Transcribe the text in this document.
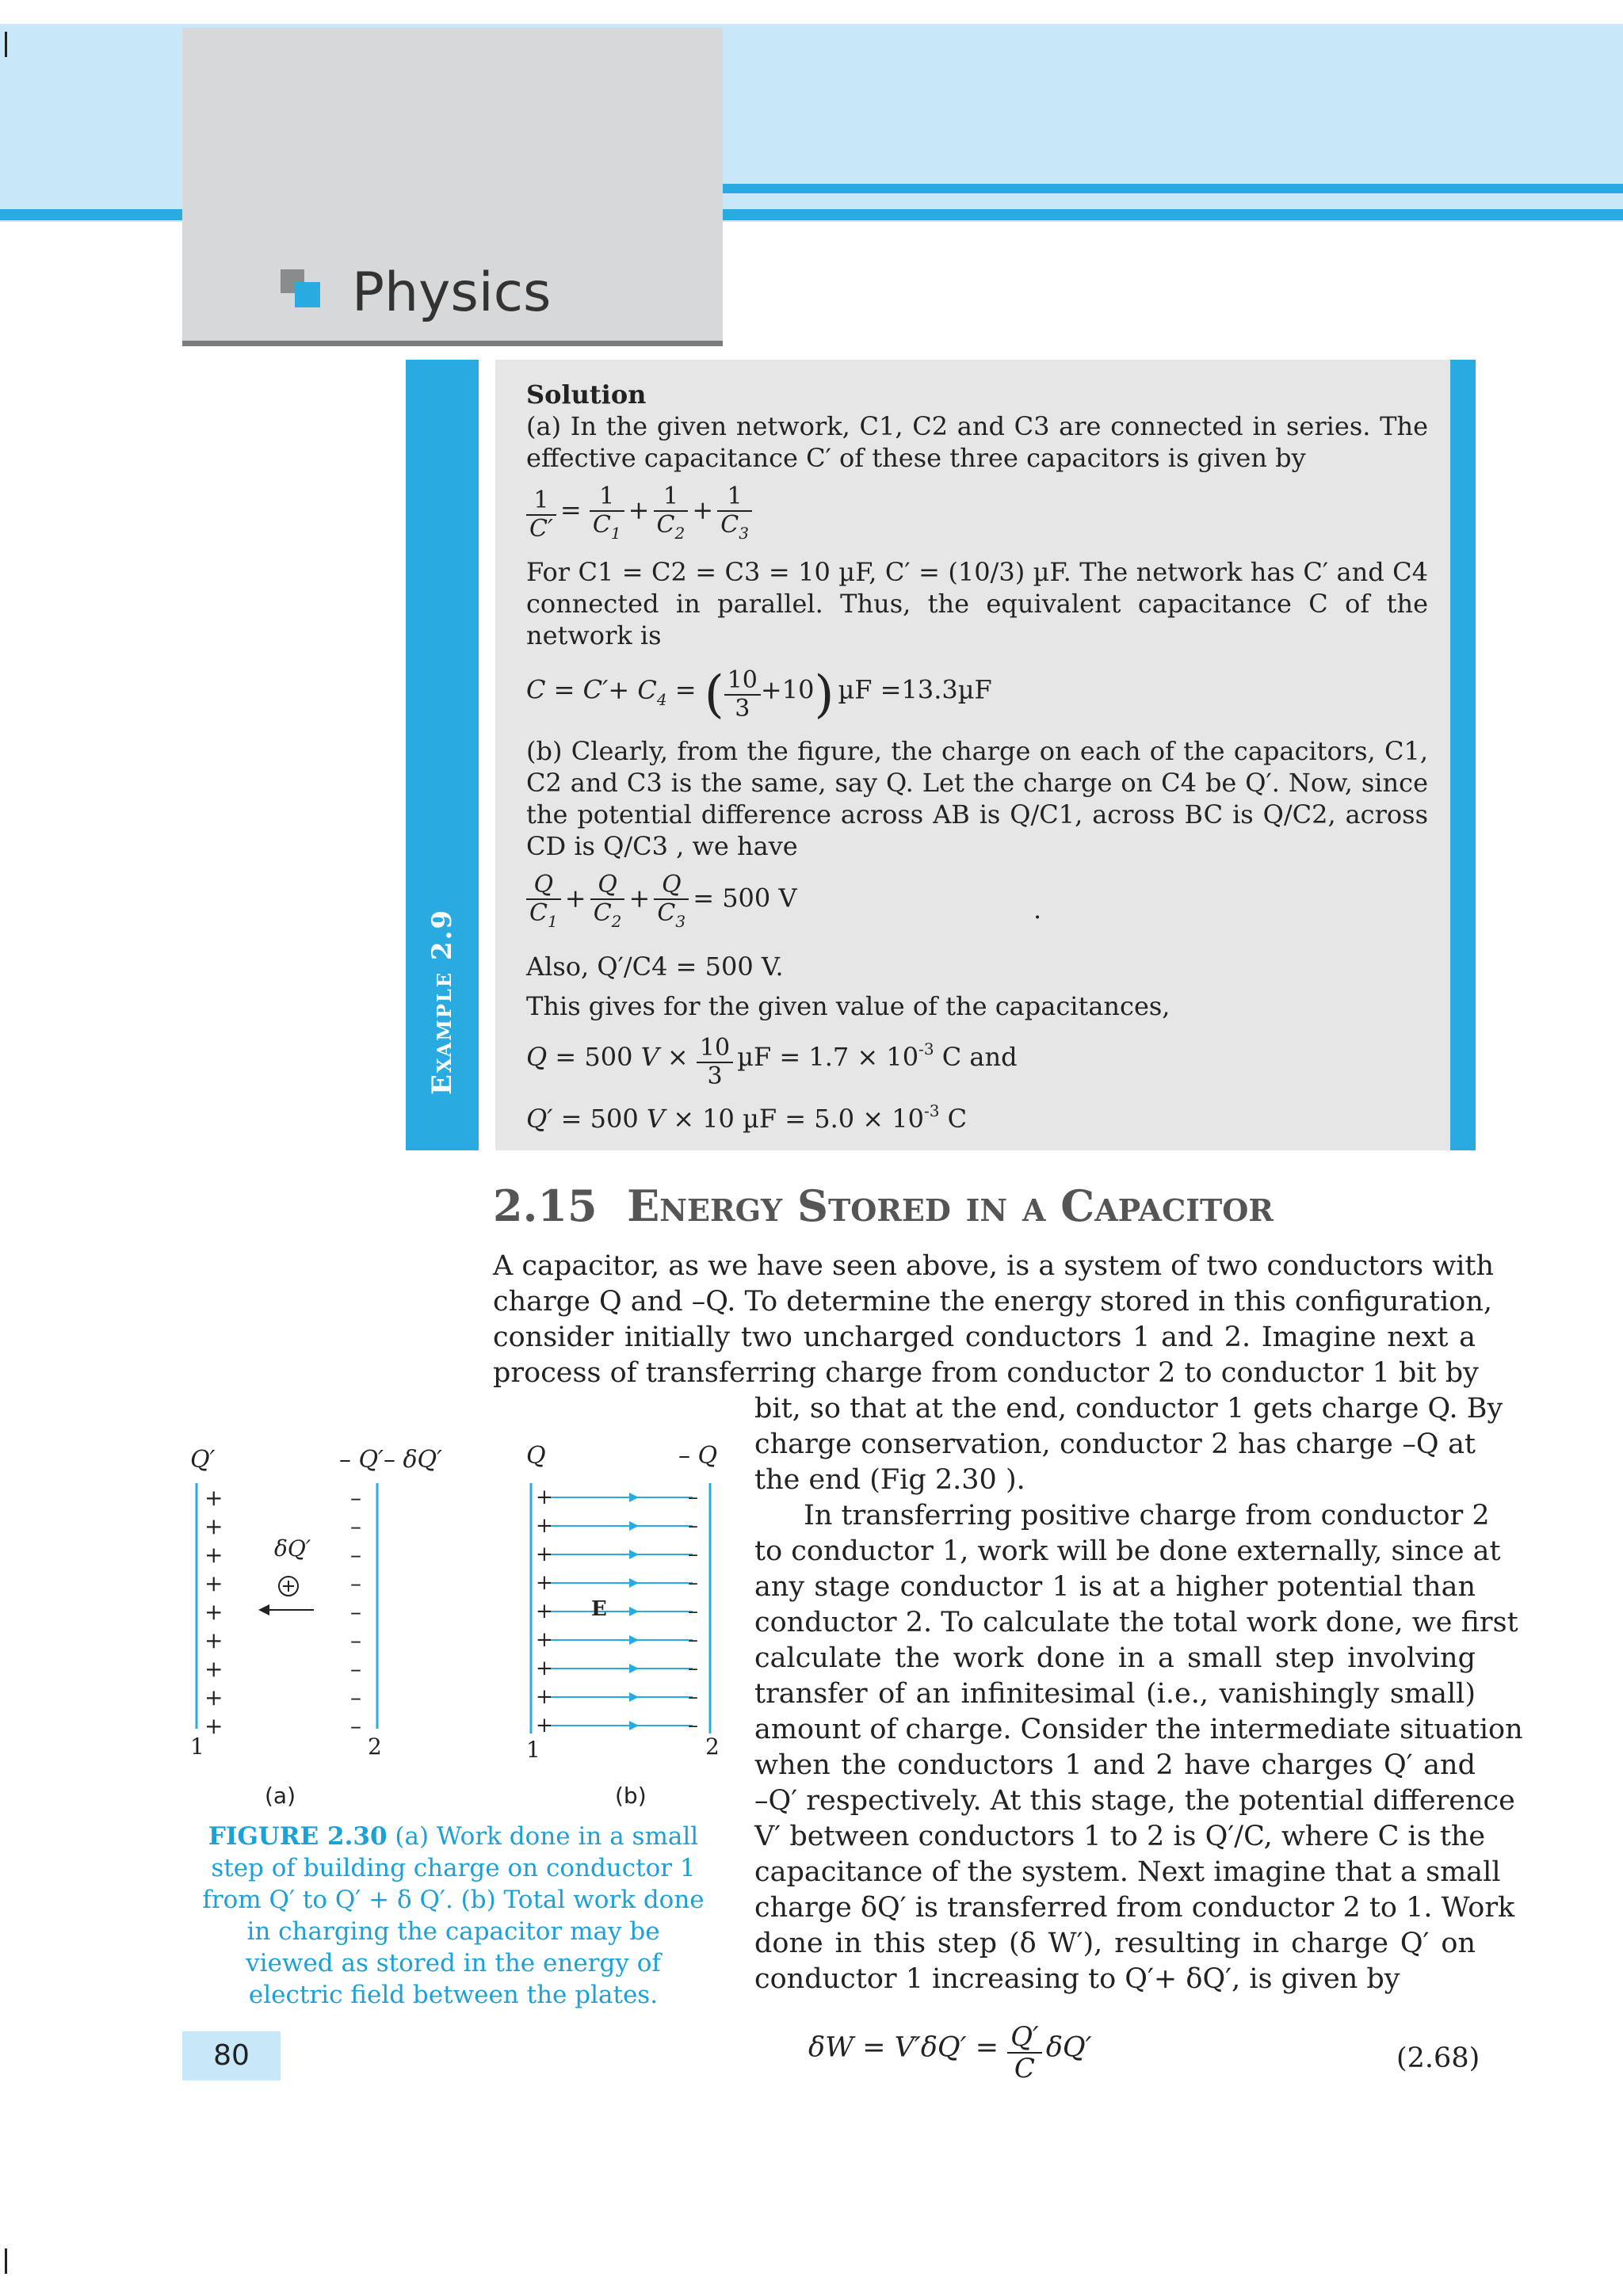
Physics
Example 2.9
Solution
(a) In the given network, C1, C2 and C3 are connected in series. The
effective capacitance C′ of these three capacitors is given by
$\frac{1}{C'} = \frac{1}{C_1} + \frac{1}{C_2} + \frac{1}{C_3}$
For C1 = C2 = C3 = 10 µF, C′ = (10/3) µF. The network has C′ and C4
connected in parallel. Thus, the equivalent capacitance C of the
network is
$C = C'+ C_4$ = ( $\frac{10}{3} +10$) µF =13.3µF
(b) Clearly, from the figure, the charge on each of the capacitors, C1,
C2 and C3 is the same, say Q. Let the charge on C4 be Q′. Now, since
the potential difference across AB is Q/C1, across BC is Q/C2, across
CD is Q/C3 , we have
$\frac{Q}{C_1} + \frac{Q}{C_2} + \frac{Q}{C_3} = 500$ V	.
Also, Q′/C4 = 500 V.
This gives for the given value of the capacitances,
Q = 500 $V \times \frac{10}{3}$ $\mu F = 1.7 \times 10^{-3}$ C and
Q′ = 500 V × 10 $\mu F = 5.0 \times 10^{-3}$ C
2.15 Energy Stored in a Capacitor
A capacitor, as we have seen above, is a system of two conductors with
charge Q and –Q. To determine the energy stored in this configuration,
consider initially two uncharged conductors 1 and 2. Imagine next a
process of transferring charge from conductor 2 to conductor 1 bit by
bit, so that at the end, conductor 1 gets charge Q. By
charge conservation, conductor 2 has charge –Q at
the end (Fig 2.30 ).
In transferring positive charge from conductor 2
to conductor 1, work will be done externally, since at
any stage conductor 1 is at a higher potential than
conductor 2. To calculate the total work done, we first
calculate the work done in a small step involving
transfer of an infinitesimal (i.e., vanishingly small)
amount of charge. Consider the intermediate situation
when the conductors 1 and 2 have charges Q′ and
–Q′ respectively. At this stage, the potential difference
V′ between conductors 1 to 2 is Q′/C, where C is the
capacitance of the system. Next imagine that a small
charge δQ′ is transferred from conductor 2 to 1. Work
done in this step (δ W′), resulting in charge Q′ on
conductor 1 increasing to Q′+ δQ′, is given by
$\delta W = V'\delta Q' = \frac{Q'}{C} \delta Q'$	(2.68)
Q′	– Q′– δQ′
+
+
+
+
+
+
+
+
+
–
–
–
–
–
–
–
–
–
δQ′
1	2
(a)
Q	– Q
+
+
+
+
+
+
+
+
+
–
–
–
–
–
–
–
–
–
E
1	2
(b)
FIGURE 2.30 (a) Work done in a small
step of building charge on conductor 1
from Q′ to Q′ + δ Q′. (b) Total work done
in charging the capacitor may be
viewed as stored in the energy of
electric field between the plates.
80
